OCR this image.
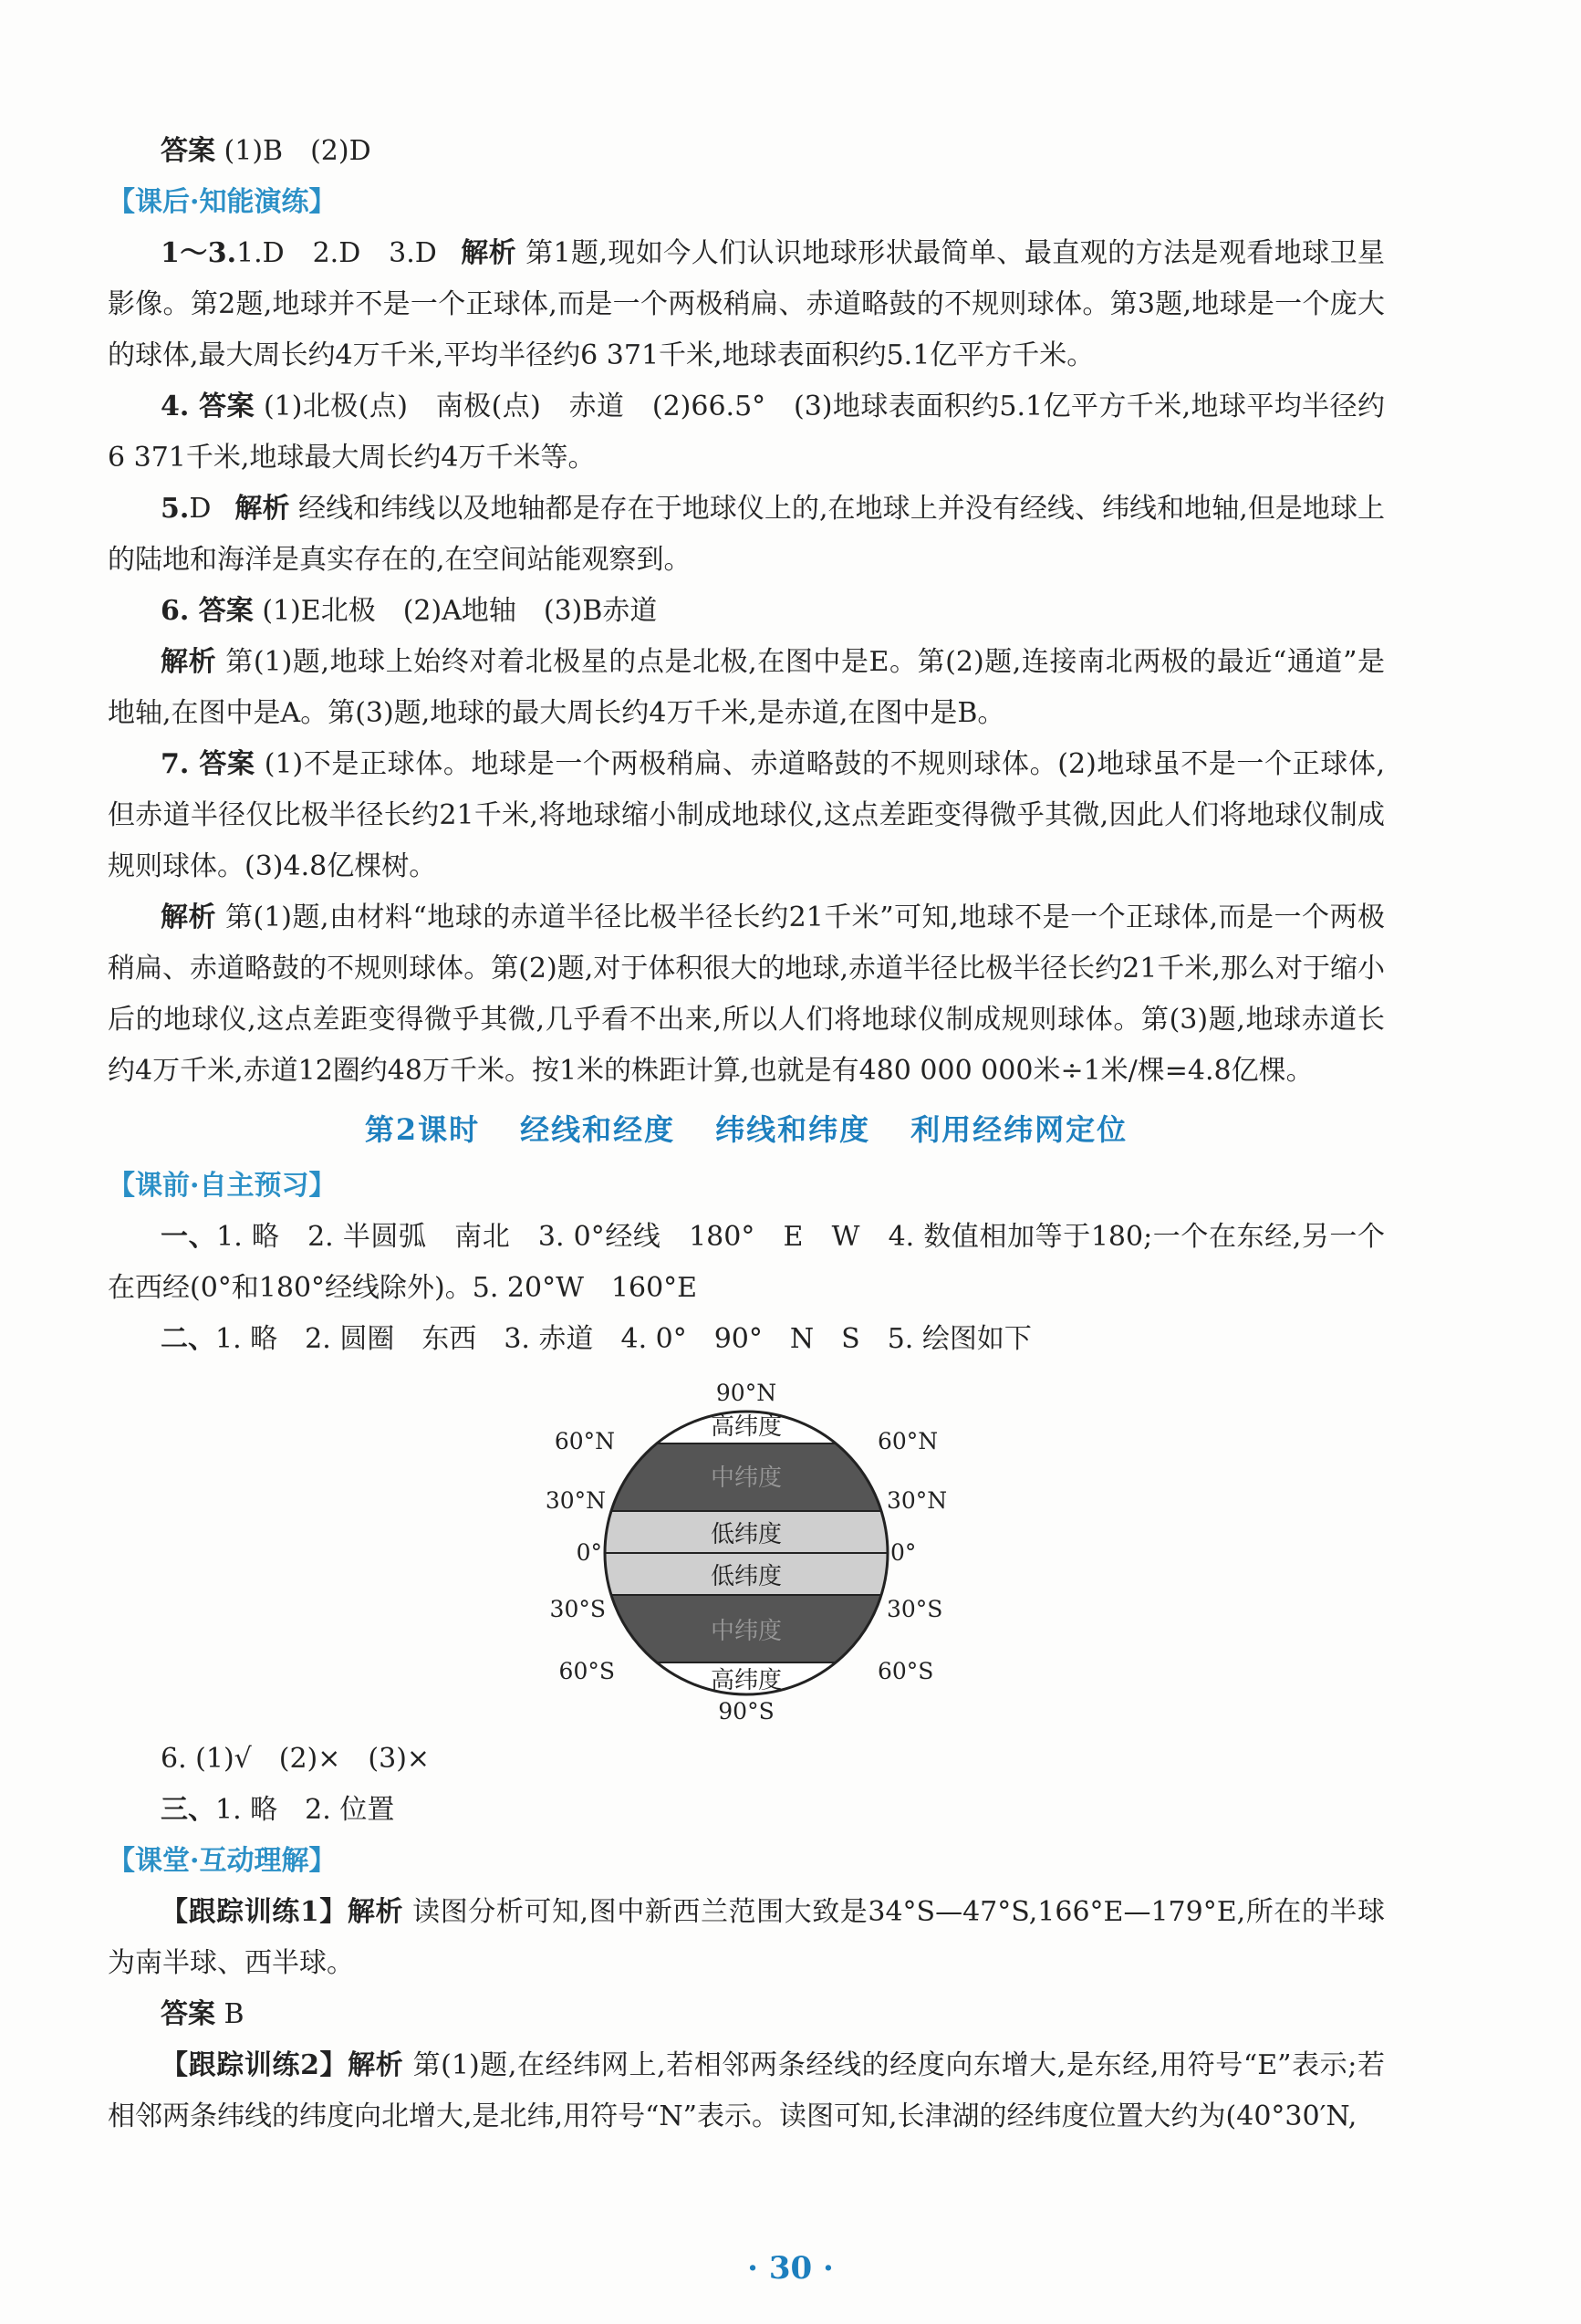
答案 (1)B　(2)D

【课后·知能演练】

1～3.1.D　2.D　3.D 解析 第1题,现如今人们认识地球形状最简单、最直观的方法是观看地球卫星影像。第2题,地球并不是一个正球体,而是一个两极稍扁、赤道略鼓的不规则球体。第3题,地球是一个庞大的球体,最大周长约4万千米,平均半径约6 371千米,地球表面积约5.1亿平方千米。

4. 答案 (1)北极(点)　南极(点)　赤道　(2)66.5°　(3)地球表面积约5.1亿平方千米,地球平均半径约6 371千米,地球最大周长约4万千米等。

5.D 解析 经线和纬线以及地轴都是存在于地球仪上的,在地球上并没有经线、纬线和地轴,但是地球上的陆地和海洋是真实存在的,在空间站能观察到。

6. 答案 (1)E北极　(2)A地轴　(3)B赤道

解析 第(1)题,地球上始终对着北极星的点是北极,在图中是E。第(2)题,连接南北两极的最近“通道”是地轴,在图中是A。第(3)题,地球的最大周长约4万千米,是赤道,在图中是B。

7. 答案 (1)不是正球体。地球是一个两极稍扁、赤道略鼓的不规则球体。(2)地球虽不是一个正球体,但赤道半径仅比极半径长约21千米,将地球缩小制成地球仪,这点差距变得微乎其微,因此人们将地球仪制成规则球体。(3)4.8亿棵树。

解析 第(1)题,由材料“地球的赤道半径比极半径长约21千米”可知,地球不是一个正球体,而是一个两极稍扁、赤道略鼓的不规则球体。第(2)题,对于体积很大的地球,赤道半径比极半径长约21千米,那么对于缩小后的地球仪,这点差距变得微乎其微,几乎看不出来,所以人们将地球仪制成规则球体。第(3)题,地球赤道长约4万千米,赤道12圈约48万千米。按1米的株距计算,也就是有480 000 000米÷1米/棵=4.8亿棵。

第2课时 经线和经度 纬线和纬度 利用经纬网定位

【课前·自主预习】

一、1. 略　2. 半圆弧　南北　3. 0°经线　180°　E　W　4. 数值相加等于180;一个在东经,另一个在西经(0°和180°经线除外)。5. 20°W　160°E

二、1. 略　2. 圆圈　东西　3. 赤道　4. 0°　90°　N　S　5. 绘图如下

90°N
90°S
60°N	60°N
30°N	30°N
0°	0°
30°S	30°S
60°S	60°S
高纬度
中纬度
低纬度
低纬度
中纬度
高纬度

6. (1)√　(2)×　(3)×

三、1. 略　2. 位置

【课堂·互动理解】

【跟踪训练1】解析 读图分析可知,图中新西兰范围大致是34°S—47°S,166°E—179°E,所在的半球为南半球、西半球。

答案 B

【跟踪训练2】解析 第(1)题,在经纬网上,若相邻两条经线的经度向东增大,是东经,用符号“E”表示;若相邻两条纬线的纬度向北增大,是北纬,用符号“N”表示。读图可知,长津湖的经纬度位置大约为(40°30′N,

· 30 ·
